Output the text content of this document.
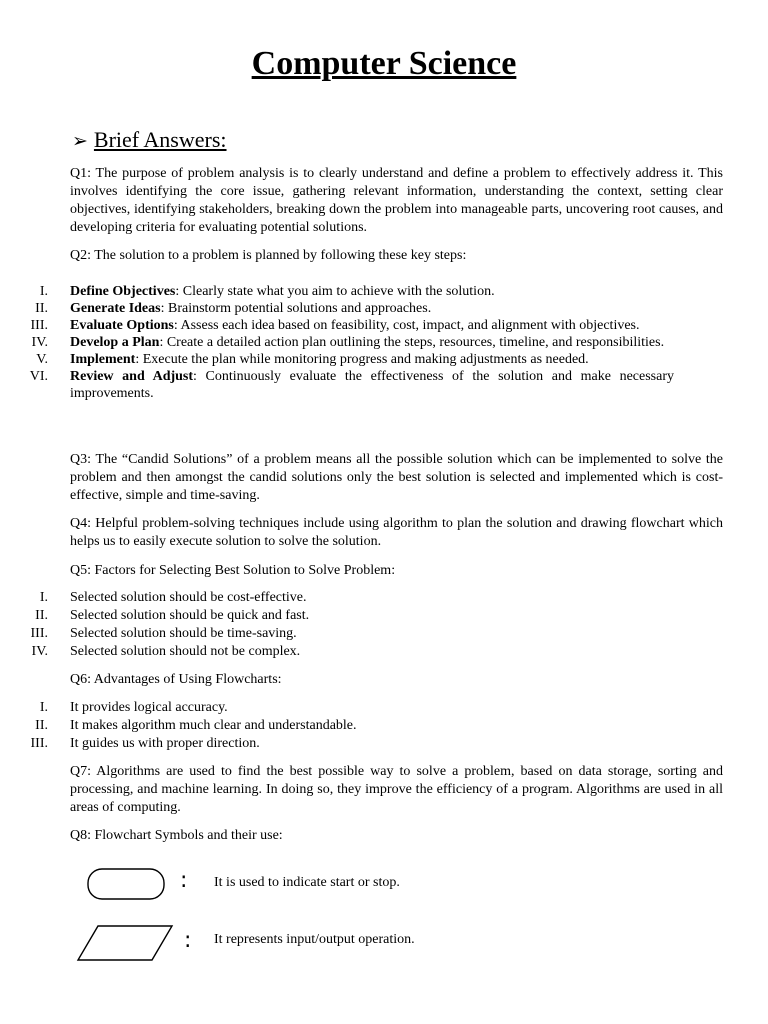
Computer Science
➢ Brief Answers:

Q1: The purpose of problem analysis is to clearly understand and define a problem to effectively address it. This involves identifying the core issue, gathering relevant information, understanding the context, setting clear objectives, identifying stakeholders, breaking down the problem into manageable parts, uncovering root causes, and developing criteria for evaluating potential solutions.

Q2: The solution to a problem is planned by following these key steps:

I. Define Objectives: Clearly state what you aim to achieve with the solution.
II. Generate Ideas: Brainstorm potential solutions and approaches.
III. Evaluate Options: Assess each idea based on feasibility, cost, impact, and alignment with objectives.
IV. Develop a Plan: Create a detailed action plan outlining the steps, resources, timeline, and responsibilities.
V. Implement: Execute the plan while monitoring progress and making adjustments as needed.
VI. Review and Adjust: Continuously evaluate the effectiveness of the solution and make necessary improvements.

Q3: The “Candid Solutions” of a problem means all the possible solution which can be implemented to solve the problem and then amongst the candid solutions only the best solution is selected and implemented which is cost-effective, simple and time-saving.

Q4: Helpful problem-solving techniques include using algorithm to plan the solution and drawing flowchart which helps us to easily execute solution to solve the solution.

Q5: Factors for Selecting Best Solution to Solve Problem:

I. Selected solution should be cost-effective.
II. Selected solution should be quick and fast.
III. Selected solution should be time-saving.
IV. Selected solution should not be complex.

Q6: Advantages of Using Flowcharts:

I. It provides logical accuracy.
II. It makes algorithm much clear and understandable.
III. It guides us with proper direction.

Q7: Algorithms are used to find the best possible way to solve a problem, based on data storage, sorting and processing, and machine learning. In doing so, they improve the efficiency of a program. Algorithms are used in all areas of computing.

Q8: Flowchart Symbols and their use:

: It is used to indicate start or stop.
: It represents input/output operation.
